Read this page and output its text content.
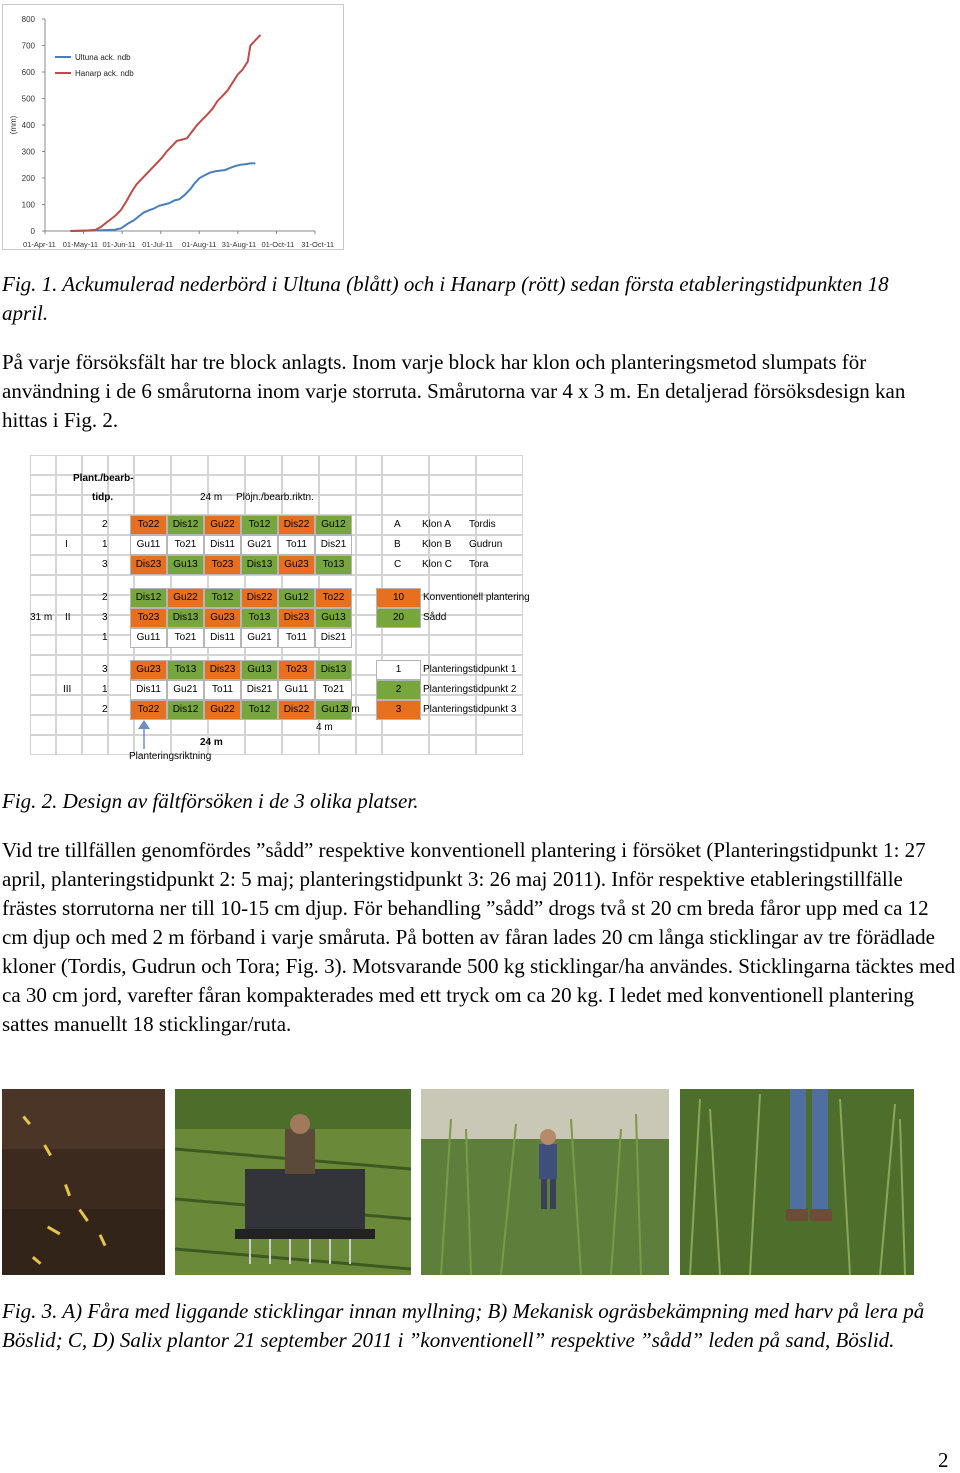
0
100
200
300
400
500
600
700
800
(mm)
01-Apr-11 01-May-11 01-Jun-11 01-Jul-11 01-Aug-11 31-Aug-11 01-Oct-11 31-Oct-11
Ultuna ack. ndb
Hanarp ack. ndb
Fig. 1. Ackumulerad nederbörd i Ultuna (blått) och i Hanarp (rött) sedan första etableringstidpunkten 18 april.
På varje försöksfält har tre block anlagts. Inom varje block har klon och planteringsmetod slumpats för användning i de 6 smårutorna inom varje storruta. Smårutorna var 4 x 3 m. En detaljerad försöksdesign kan hittas i Fig. 2.
Plant./bearb-
tidp.	24 m Plöjn./bearb.riktn.
2	To22	Dis12	Gu22	To12	Dis22	Gu12
1	Gu11	To21	Dis11	Gu21	To11	Dis21
3	Dis23	Gu13	To23	Dis13	Gu23	To13
I
2	Dis12	Gu22	To12	Dis22	Gu12	To22
3	To23	Dis13	Gu23	To13	Dis23	Gu13
1	Gu11	To21	Dis11	Gu21	To11	Dis21
II
3	Gu23	To13	Dis23	Gu13	To23	Dis13
1	Dis11	Gu21	To11	Dis21	Gu11	To21
2	To22	Dis12	Gu22	To12	Dis22	Gu12
III
31 m
3 m
4 m
24 m
Planteringsriktning
A Klon A Tordis
B Klon B Gudrun
C Klon C Tora
10	Konventionell plantering
20	Sådd
1	Planteringstidpunkt 1
2	Planteringstidpunkt 2
3	Planteringstidpunkt 3
Fig. 2. Design av fältförsöken i de 3 olika platser.
Vid tre tillfällen genomfördes ”sådd” respektive konventionell plantering i försöket (Planteringstidpunkt 1: 27 april, planteringstidpunkt 2: 5 maj; planteringstidpunkt 3: 26 maj 2011). Inför respektive etableringstillfälle frästes storrutorna ner till 10-15 cm djup. För behandling ”sådd” drogs två st 20 cm breda fåror upp med ca 12 cm djup och med 2 m förband i varje småruta. På botten av fåran lades 20 cm långa sticklingar av tre förädlade kloner (Tordis, Gudrun och Tora; Fig. 3). Motsvarande 500 kg sticklingar/ha användes. Sticklingarna täcktes med ca 30 cm jord, varefter fåran kompakterades med ett tryck om ca 20 kg. I ledet med konventionell plantering sattes manuellt 18 sticklingar/ruta.
Fig. 3. A) Fåra med liggande sticklingar innan myllning; B) Mekanisk ogräsbekämpning med harv på lera på Böslid; C, D) Salix plantor 21 september 2011 i ”konventionell” respektive ”sådd” leden på sand, Böslid.
2
